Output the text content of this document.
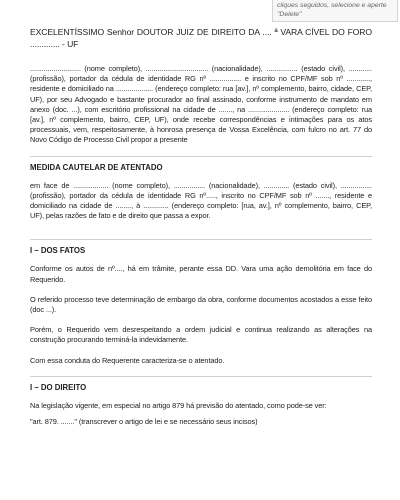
cliques seguidos, selecione e aperte "Delete"
EXCELENTÍSSIMO Senhor DOUTOR JUIZ DE DIREITO DA .... ª VARA CÍVEL DO FORO ............. - UF

.......................... (nome completo), ................................ (nacionalidade), ................ (estado civil), ............ (profissão), portador da cédula de identidade RG nº ................ e inscrito no CPF/MF sob nº ............, residente e domiciliado na ................... (endereço completo: rua [av.], nº complemento, bairro, cidade, CEP, UF), por seu Advogado e bastante procurador ao final assinado, conforme instrumento de mandato em anexo (doc. ...), com escritório profissional na cidade de ......., na ..................... (endereço completo: rua [av.], nº complemento, bairro, CEP, UF), onde recebe correspondências e intimações para os atos processuais, vem, respeitosamente, à honrosa presença de Vossa Excelência, com fulcro no art. 77 do Novo Código de Processo Civil propor a presente

MEDIDA CAUTELAR DE ATENTADO

em face de .................. (nome completo), ................ (nacionalidade), ............. (estado civil), ................ (profissão), portador da cédula de identidade RG nº....., inscrito no CPF/MF sob nº ......., residente e domiciliado na cidade de ........, à ............. (endereço completo: [rua, av.], nº complemento, bairro, CEP, UF), pelas razões de fato e de direito que passa a expor.

I – DOS FATOS

Conforme os autos de nº...., há em trâmite, perante essa DD. Vara uma ação demolitória em face do Requerido.

O referido processo teve determinação de embargo da obra, conforme documentos acostados a esse feito (doc ...).

Porém, o Requerido vem desrespeitando a ordem judicial e continua realizando as alterações na construção procurando terminá-la indevidamente.

Com essa conduta do Requerente caracteriza-se o atentado.

I – DO DIREITO

Na legislação vigente, em especial no artigo 879 há previsão do atentado, como pode-se ver:

"art. 879. ......." (transcrever o artigo de lei e se necessário seus incisos)
